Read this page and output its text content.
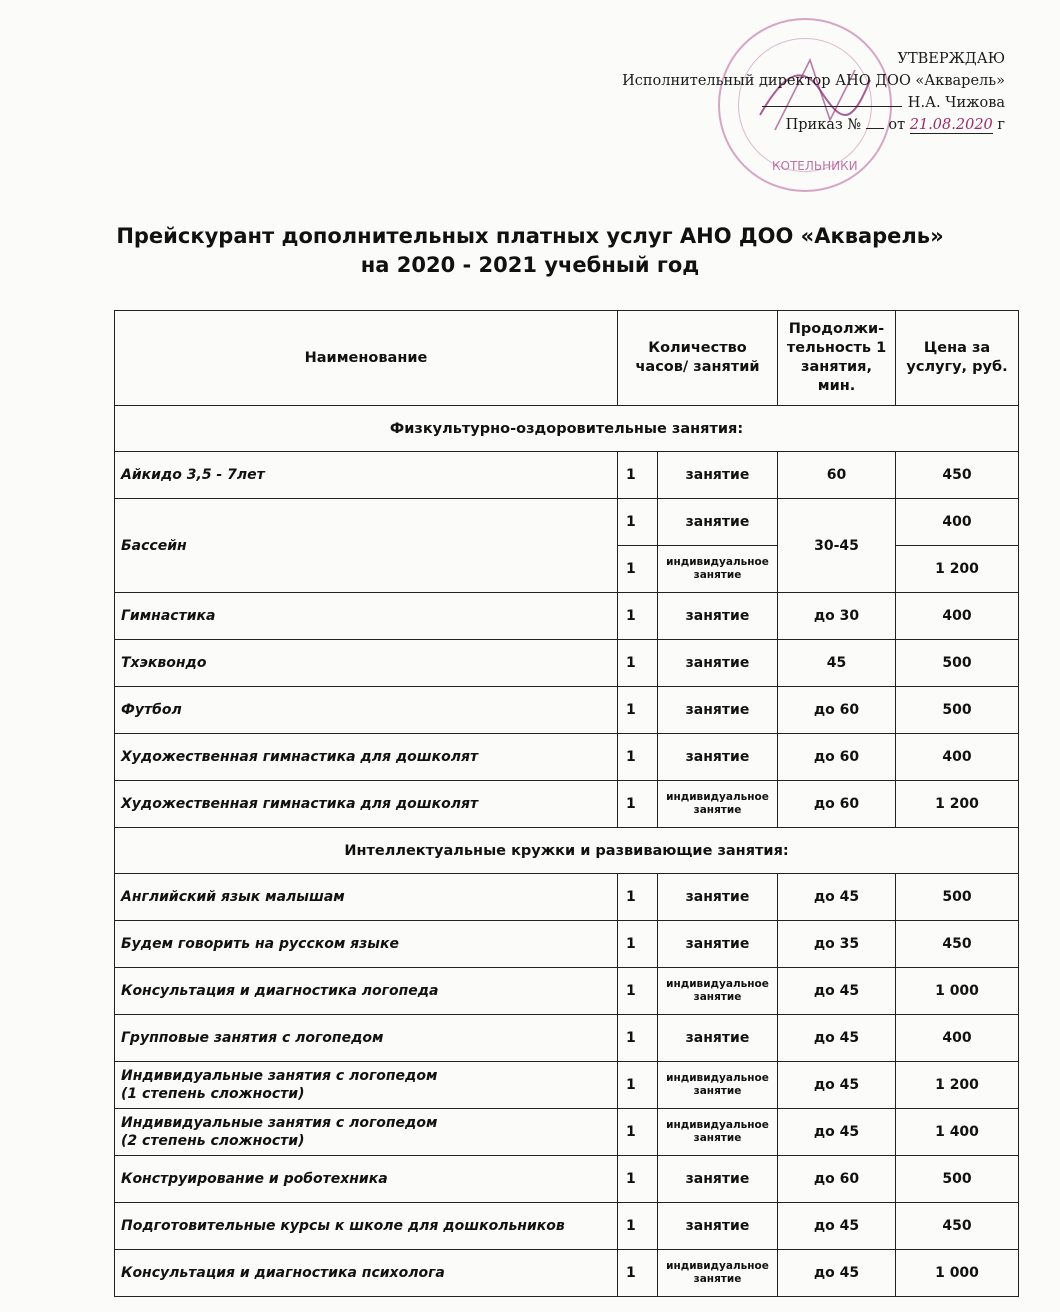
КОТЕЛЬНИКИ
УТВЕРЖДАЮ
Исполнительный директор АНО ДОО «Акварель»
Н.А. Чижова
Приказ № от 21.08.2020 г
Прейскурант дополнительных платных услуг АНО ДОО «Акварель»
на 2020 - 2021 учебный год
Наименование	Количество часов/ занятий		Продолжи-тельность 1 занятия, мин.	Цена за услугу, руб.
Физкультурно-оздоровительные занятия:				
Айкидо 3,5 - 7лет	1	занятие	60	450
Бассейн	1	занятие	30-45	400
	1	индивидуальное занятие		1 200
Гимнастика	1	занятие	до 30	400
Тхэквондо	1	занятие	45	500
Футбол	1	занятие	до 60	500
Художественная гимнастика для дошколят	1	занятие	до 60	400
Художественная гимнастика для дошколят	1	индивидуальное занятие	до 60	1 200
Интеллектуальные кружки и развивающие занятия:				
Английский язык малышам	1	занятие	до 45	500
Будем говорить на русском языке	1	занятие	до 35	450
Консультация и диагностика логопеда	1	индивидуальное занятие	до 45	1 000
Групповые занятия с логопедом	1	занятие	до 45	400

Индивидуальные занятия с логопедом
(1 степень сложности)	1	индивидуальное занятие	до 45	1 200

Индивидуальные занятия с логопедом
(2 степень сложности)	1	индивидуальное занятие	до 45	1 400
Конструирование и роботехника	1	занятие	до 60	500
Подготовительные курсы к школе для дошкольников	1	занятие	до 45	450
Консультация и диагностика психолога	1	индивидуальное занятие	до 45	1 000
